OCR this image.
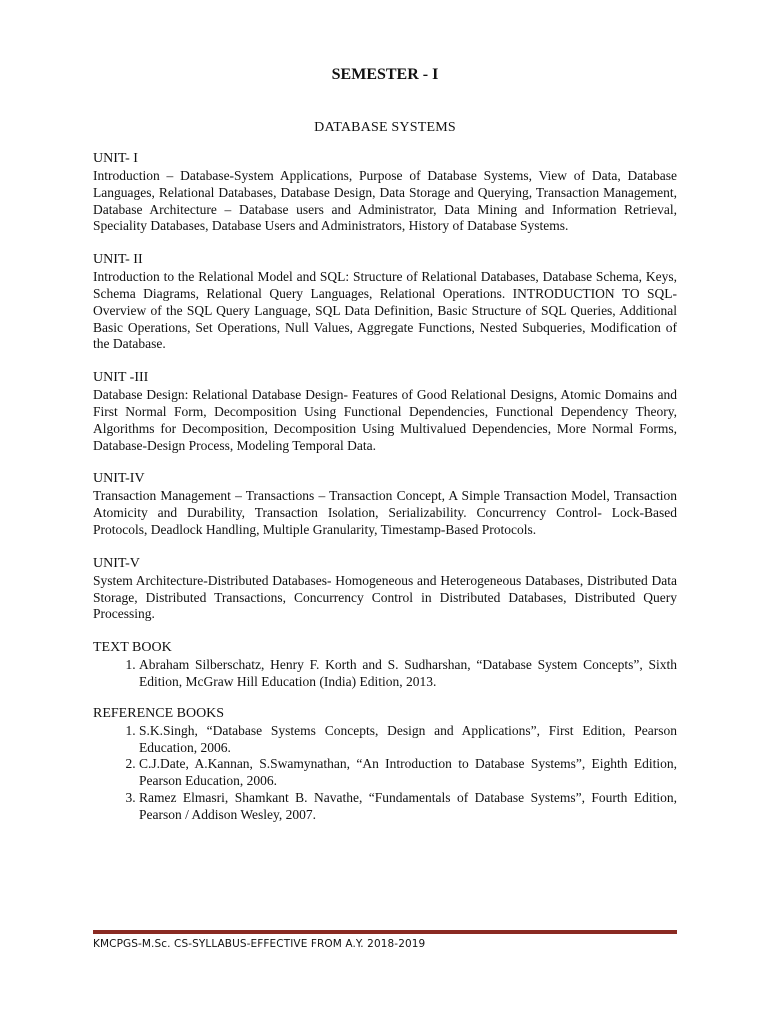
SEMESTER - I
DATABASE SYSTEMS

UNIT- I

Introduction – Database-System Applications, Purpose of Database Systems, View of Data, Database Languages, Relational Databases, Database Design, Data Storage and Querying, Transaction Management, Database Architecture – Database users and Administrator, Data Mining and Information Retrieval, Speciality Databases, Database Users and Administrators, History of Database Systems.

UNIT- II

Introduction to the Relational Model and SQL: Structure of Relational Databases, Database Schema, Keys, Schema Diagrams, Relational Query Languages, Relational Operations. INTRODUCTION TO SQL- Overview of the SQL Query Language, SQL Data Definition, Basic Structure of SQL Queries, Additional Basic Operations, Set Operations, Null Values, Aggregate Functions, Nested Subqueries, Modification of the Database.

UNIT -III

Database Design: Relational Database Design- Features of Good Relational Designs, Atomic Domains and First Normal Form, Decomposition Using Functional Dependencies, Functional Dependency Theory, Algorithms for Decomposition, Decomposition Using Multivalued Dependencies, More Normal Forms, Database-Design Process, Modeling Temporal Data.

UNIT-IV

Transaction Management – Transactions – Transaction Concept, A Simple Transaction Model, Transaction Atomicity and Durability, Transaction Isolation, Serializability. Concurrency Control- Lock-Based Protocols, Deadlock Handling, Multiple Granularity, Timestamp-Based Protocols.

UNIT-V

System Architecture-Distributed Databases- Homogeneous and Heterogeneous Databases, Distributed Data Storage, Distributed Transactions, Concurrency Control in Distributed Databases, Distributed Query Processing.

TEXT BOOK

1. Abraham Silberschatz, Henry F. Korth and S. Sudharshan, “Database System Concepts”, Sixth Edition, McGraw Hill Education (India) Edition, 2013.

REFERENCE BOOKS

1. S.K.Singh, “Database Systems Concepts, Design and Applications”, First Edition, Pearson Education, 2006.
2. C.J.Date, A.Kannan, S.Swamynathan, “An Introduction to Database Systems”, Eighth Edition, Pearson Education, 2006.
3. Ramez Elmasri, Shamkant B. Navathe, “Fundamentals of Database Systems”, Fourth Edition, Pearson / Addison Wesley, 2007.
KMCPGS-M.Sc. CS-SYLLABUS-EFFECTIVE FROM A.Y. 2018-2019
